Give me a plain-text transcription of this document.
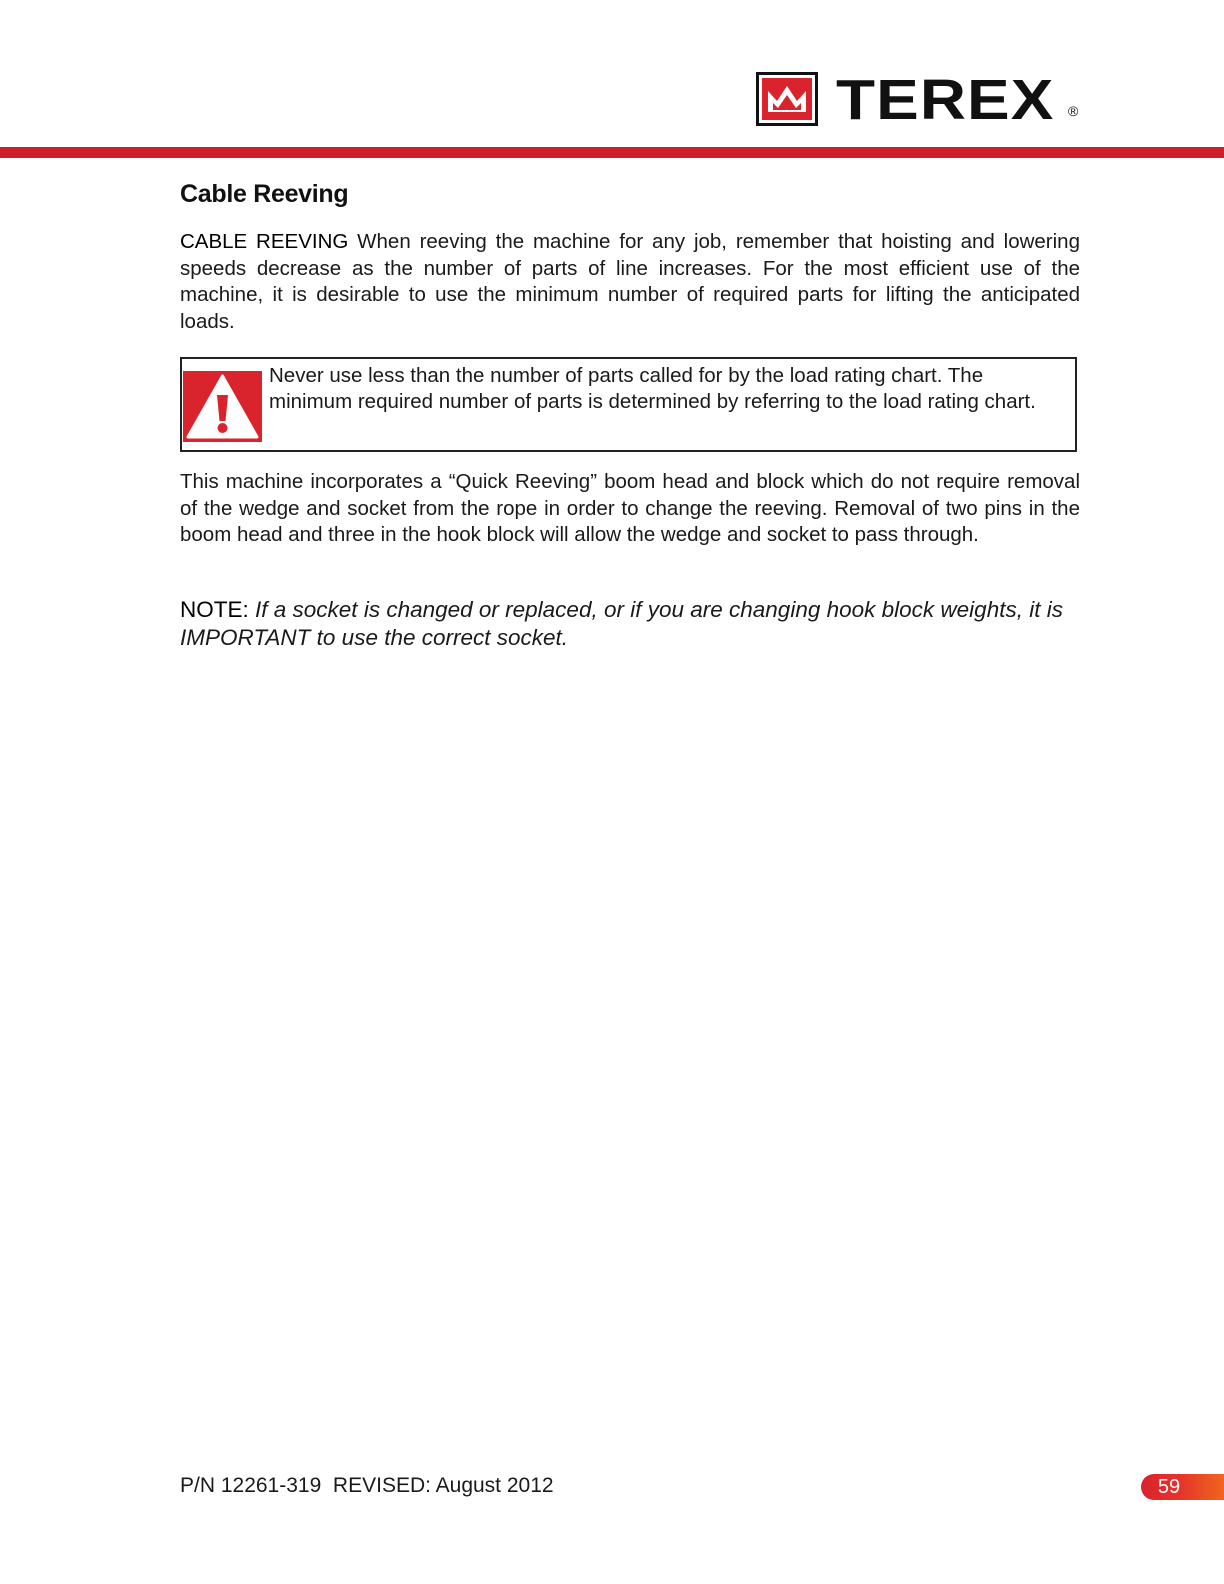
TEREX ®
Cable Reeving

CABLE REEVING When reeving the machine for any job, remember that hoisting and lowering speeds decrease as the number of parts of line increases. For the most efficient use of the machine, it is desirable to use the minimum number of required parts for lifting the anticipated loads.

Never use less than the number of parts called for by the load rating chart. The minimum required number of parts is determined by referring to the load rating chart.

This machine incorporates a “Quick Reeving” boom head and block which do not require removal of the wedge and socket from the rope in order to change the reeving. Removal of two pins in the boom head and three in the hook block will allow the wedge and socket to pass through.

NOTE: If a socket is changed or replaced, or if you are changing hook block weights, it is IMPORTANT to use the correct socket.

P/N 12261-319  REVISED: August 2012	59
